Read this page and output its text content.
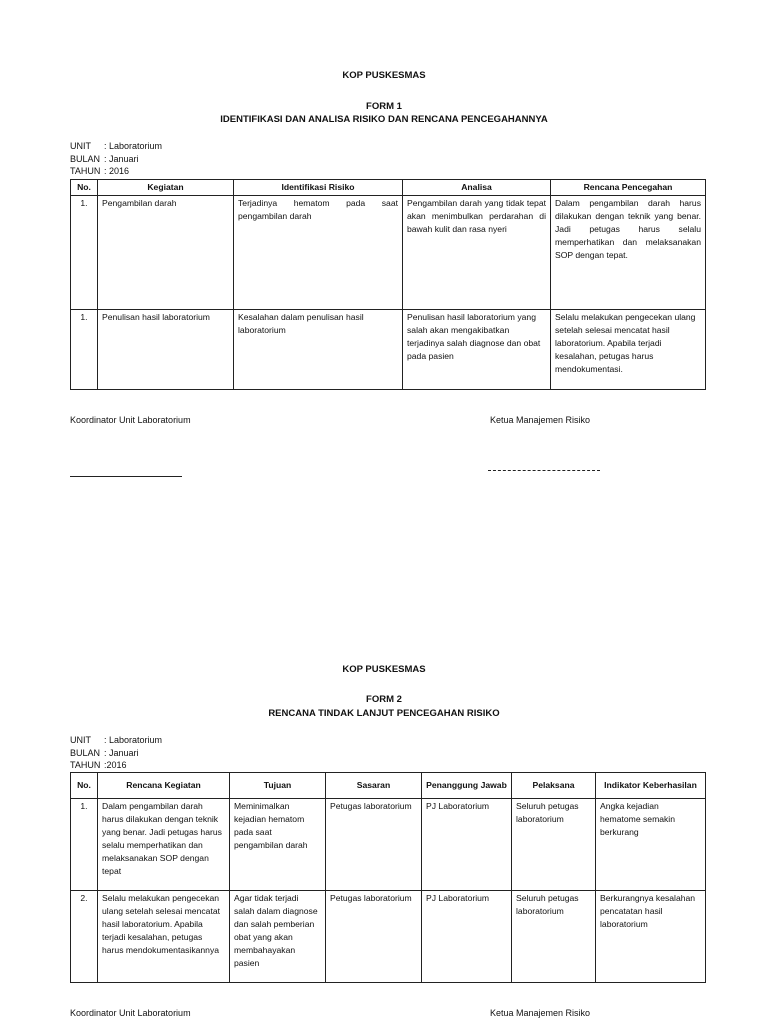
KOP PUSKESMAS
FORM 1
IDENTIFIKASI DAN ANALISA RISIKO DAN RENCANA PENCEGAHANNYA
UNIT : Laboratorium
BULAN : Januari
TAHUN : 2016
No.	Kegiatan	Identifikasi Risiko	Analisa	Rencana Pencegahan
1.	Pengambilan darah	Terjadinya hematom pada saat pengambilan darah	Pengambilan darah yang tidak tepat akan menimbulkan perdarahan di bawah kulit dan rasa nyeri	Dalam pengambilan darah harus dilakukan dengan teknik yang benar. Jadi petugas harus selalu memperhatikan dan melaksanakan SOP dengan tepat.
1.	Penulisan hasil laboratorium	Kesalahan dalam penulisan hasil laboratorium	Penulisan hasil laboratorium yang salah akan mengakibatkan terjadinya salah diagnose dan obat pada pasien	Selalu melakukan pengecekan ulang setelah selesai mencatat hasil laboratorium. Apabila terjadi kesalahan, petugas harus mendokumentasi.
Koordinator Unit Laboratorium	Ketua Manajemen Risiko
KOP PUSKESMAS
FORM 2
RENCANA TINDAK LANJUT PENCEGAHAN RISIKO
UNIT : Laboratorium
BULAN : Januari
TAHUN :2016
No.	Rencana Kegiatan	Tujuan	Sasaran	Penanggung Jawab	Pelaksana	Indikator Keberhasilan
1.	Dalam pengambilan darah harus dilakukan dengan teknik yang benar. Jadi petugas harus selalu memperhatikan dan melaksanakan SOP dengan tepat	Meminimalkan kejadian hematom pada saat pengambilan darah	Petugas laboratorium	PJ Laboratorium	Seluruh petugas laboratorium	Angka kejadian hematome semakin berkurang
2.	Selalu melakukan pengecekan ulang setelah selesai mencatat hasil laboratorium. Apabila terjadi kesalahan, petugas harus mendokumentasikannya	Agar tidak terjadi salah dalam diagnose dan salah pemberian obat yang akan membahayakan pasien	Petugas laboratorium	PJ Laboratorium	Seluruh petugas laboratorium	Berkurangnya kesalahan pencatatan hasil laboratorium
Koordinator Unit Laboratorium	Ketua Manajemen Risiko
